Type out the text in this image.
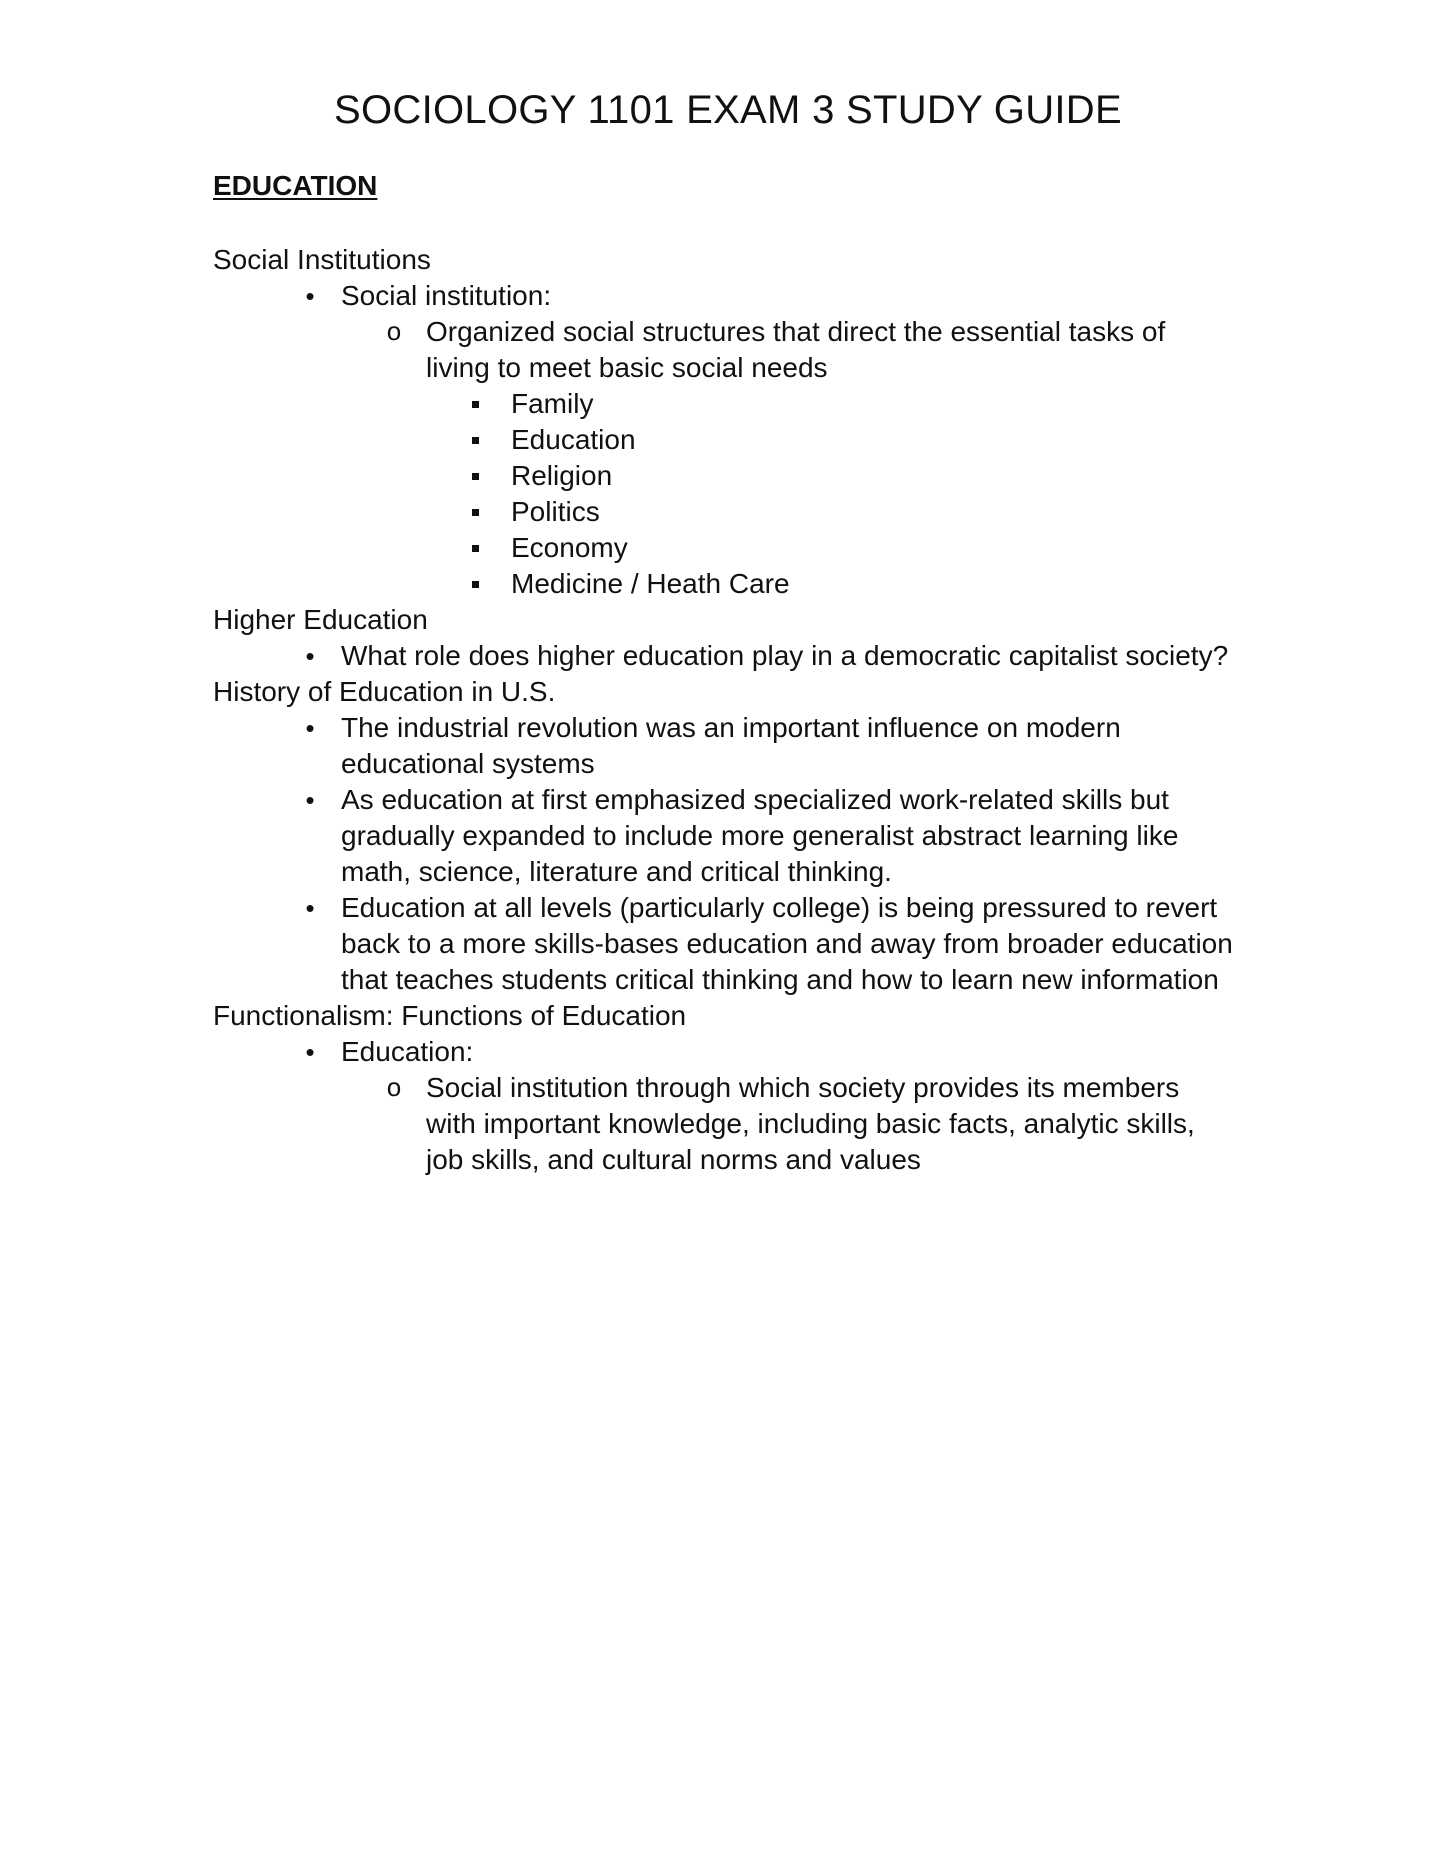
SOCIOLOGY 1101 EXAM 3 STUDY GUIDE

EDUCATION

Social Institutions

• Social institution:
o Organized social structures that direct the essential tasks of living to meet basic social needs
Family
Education
Religion
Politics
Economy
Medicine / Heath Care

Higher Education

• What role does higher education play in a democratic capitalist society?

History of Education in U.S.

• The industrial revolution was an important influence on modern educational systems
• As education at first emphasized specialized work-related skills but gradually expanded to include more generalist abstract learning like math, science, literature and critical thinking.
• Education at all levels (particularly college) is being pressured to revert back to a more skills-bases education and away from broader education that teaches students critical thinking and how to learn new information

Functionalism: Functions of Education

• Education:
o Social institution through which society provides its members with important knowledge, including basic facts, analytic skills, job skills, and cultural norms and values
